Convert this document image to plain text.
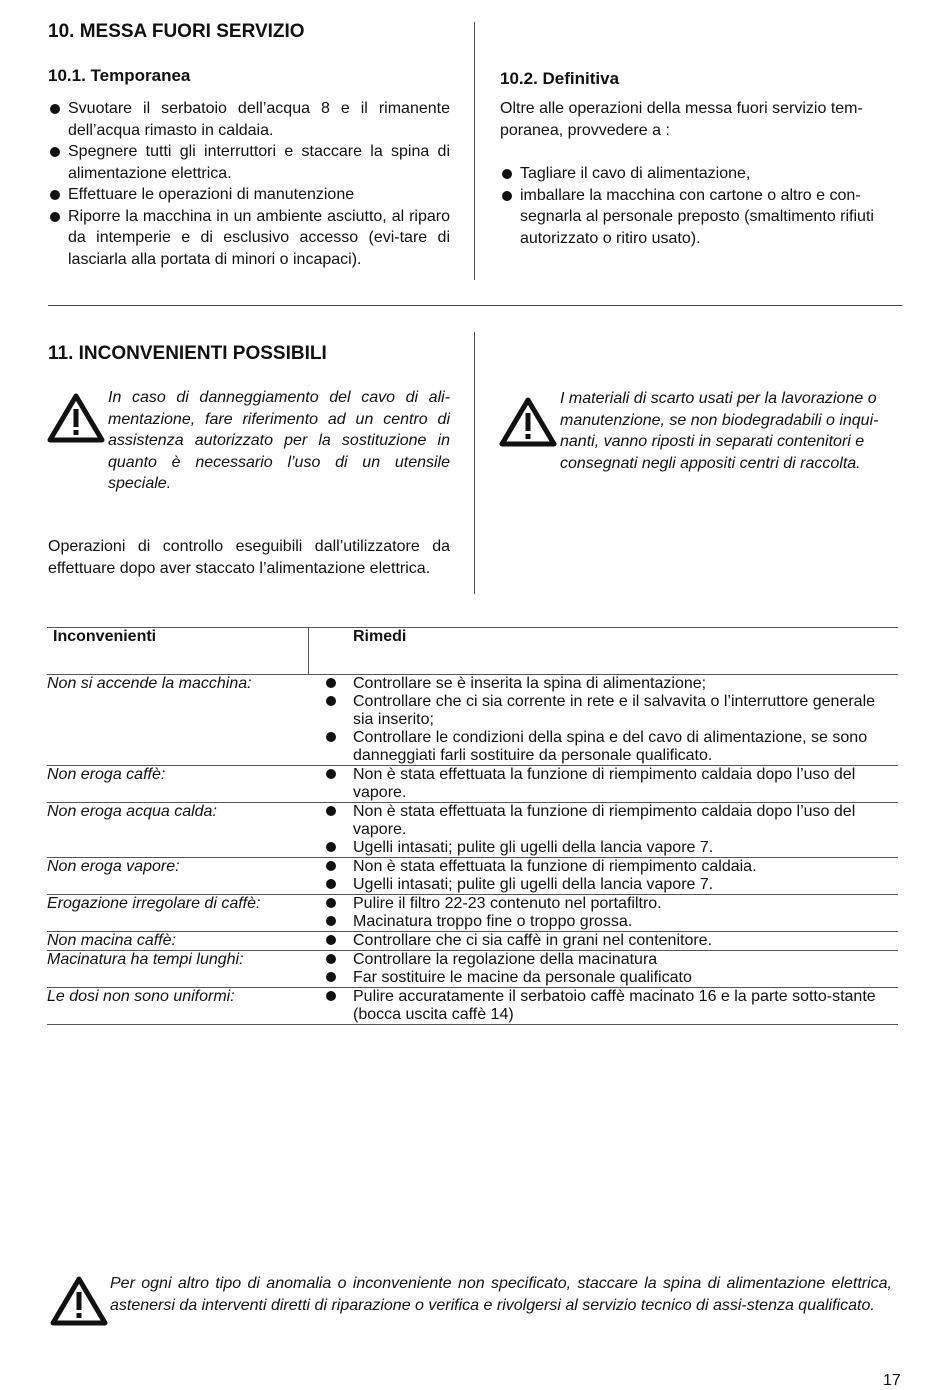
10. MESSA FUORI SERVIZIO
10.1. Temporanea
Svuotare il serbatoio dell’acqua 8 e il rimanente dell’acqua rimasto in caldaia.
Spegnere tutti gli interruttori e staccare la spina di alimentazione elettrica.
Effettuare le operazioni di manutenzione
Riporre la macchina in un ambiente asciutto, al riparo da intemperie e di esclusivo accesso (evi-tare di lasciarla alla portata di minori o incapaci).
10.2. Definitiva
Oltre alle operazioni della messa fuori servizio tem-poranea, provvedere a :
Tagliare il cavo di alimentazione,
imballare la macchina con cartone o altro e con-segnarla al personale preposto (smaltimento rifiuti autorizzato o ritiro usato).
11. INCONVENIENTI POSSIBILI
In caso di danneggiamento del cavo di ali-mentazione, fare riferimento ad un centro di assistenza autorizzato per la sostituzione in quanto è necessario l’uso di un utensile speciale.
I materiali di scarto usati per la lavorazione o manutenzione, se non biodegradabili o inqui-nanti, vanno riposti in separati contenitori e consegnati negli appositi centri di raccolta.
Operazioni di controllo eseguibili dall’utilizzatore da effettuare dopo aver staccato l’alimentazione elettrica.
Inconvenienti		Rimedi
Non si accende la macchina:		Controllare se è inserita la spina di alimentazione;
		Controllare che ci sia corrente in rete e il salvavita o l’interruttore generale sia inserito;
		Controllare le condizioni della spina e del cavo di alimentazione, se sono danneggiati farli sostituire da personale qualificato.
Non eroga caffè:		Non è stata effettuata la funzione di riempimento caldaia dopo l’uso del vapore.
Non eroga acqua calda:		Non è stata effettuata la funzione di riempimento caldaia dopo l’uso del vapore.
		Ugelli intasati; pulite gli ugelli della lancia vapore 7.
Non eroga vapore:		Non è stata effettuata la funzione di riempimento caldaia.
		Ugelli intasati; pulite gli ugelli della lancia vapore 7.
Erogazione irregolare di caffè:		Pulire il filtro 22-23 contenuto nel portafiltro.
		Macinatura troppo fine o troppo grossa.
Non macina caffè:		Controllare che ci sia caffè in grani nel contenitore.
Macinatura ha tempi lunghi:		Controllare la regolazione della macinatura
		Far sostituire le macine da personale qualificato
Le dosi non sono uniformi:		Pulire accuratamente il serbatoio caffè macinato 16 e la parte sotto-stante (bocca uscita caffè 14)
Per ogni altro tipo di anomalia o inconveniente non specificato, staccare la spina di alimentazione elettrica, astenersi da interventi diretti di riparazione o verifica e rivolgersi al servizio tecnico di assi-stenza qualificato.
17
